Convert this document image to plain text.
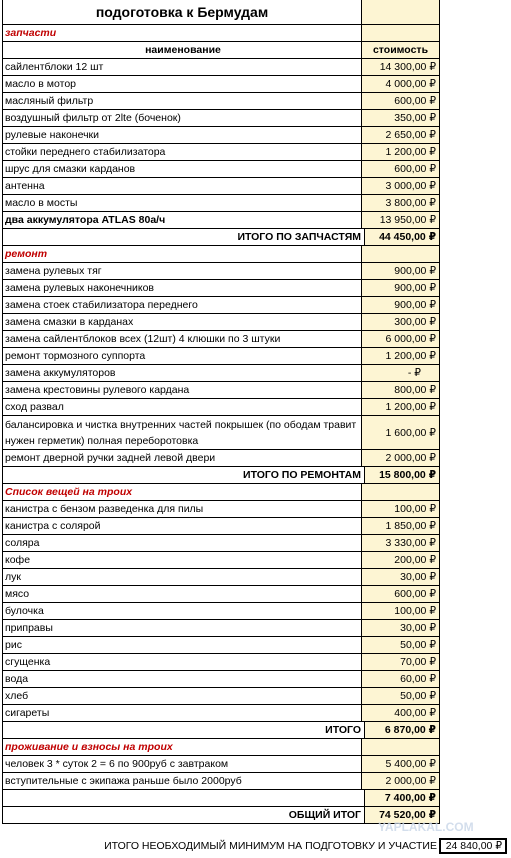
подоготовка к Бермудам
запчасти
наименование	стоимость
сайлентблоки 12 шт	14 300,00 ₽
масло в мотор	4 000,00 ₽
масляный фильтр	600,00 ₽
воздушный фильтр от 2lte (боченок)	350,00 ₽
рулевые наконечки	2 650,00 ₽
стойки переднего стабилизатора	1 200,00 ₽
шрус для смазки карданов	600,00 ₽
антенна	3 000,00 ₽
масло в мосты	3 800,00 ₽
два аккумулятора ATLAS 80а/ч	13 950,00 ₽
ИТОГО ПО ЗАПЧАСТЯМ	44 450,00 ₽
ремонт
замена рулевых тяг	900,00 ₽
замена рулевых наконечников	900,00 ₽
замена стоек стабилизатора переднего	900,00 ₽
замена смазки в карданах	300,00 ₽
замена сайлентблоков всех (12шт) 4 клюшки по 3 штуки	6 000,00 ₽
ремонт тормозного суппорта	1 200,00 ₽
замена аккумуляторов	- ₽
замена крестовины рулевого кардана	800,00 ₽
сход развал	1 200,00 ₽
балансировка и чистка внутренних частей покрышек (по ободам травит нужен герметик) полная переборотовка
1 600,00 ₽
ремонт дверной ручки задней левой двери	2 000,00 ₽
ИТОГО ПО РЕМОНТАМ	15 800,00 ₽
Список вещей на троих
канистра с бензом разведенка для пилы	100,00 ₽
канистра с солярой	1 850,00 ₽
соляра	3 330,00 ₽
кофе	200,00 ₽
лук	30,00 ₽
мясо	600,00 ₽
булочка	100,00 ₽
приправы	30,00 ₽
рис	50,00 ₽
сгущенка	70,00 ₽
вода	60,00 ₽
хлеб	50,00 ₽
сигареты	400,00 ₽
ИТОГО	6 870,00 ₽
проживание и взносы на троих
человек 3 * суток 2 = 6 по 900руб с завтраком	5 400,00 ₽
вступительные с экипажа раньше было 2000руб	2 000,00 ₽
7 400,00 ₽
ОБЩИЙ ИТОГ	74 520,00 ₽
ИТОГО НЕОБХОДИМЫЙ МИНИМУМ НА ПОДГОТОВКУ И УЧАСТИЕ 24 840,00 ₽
YAPLAKAL.COM
